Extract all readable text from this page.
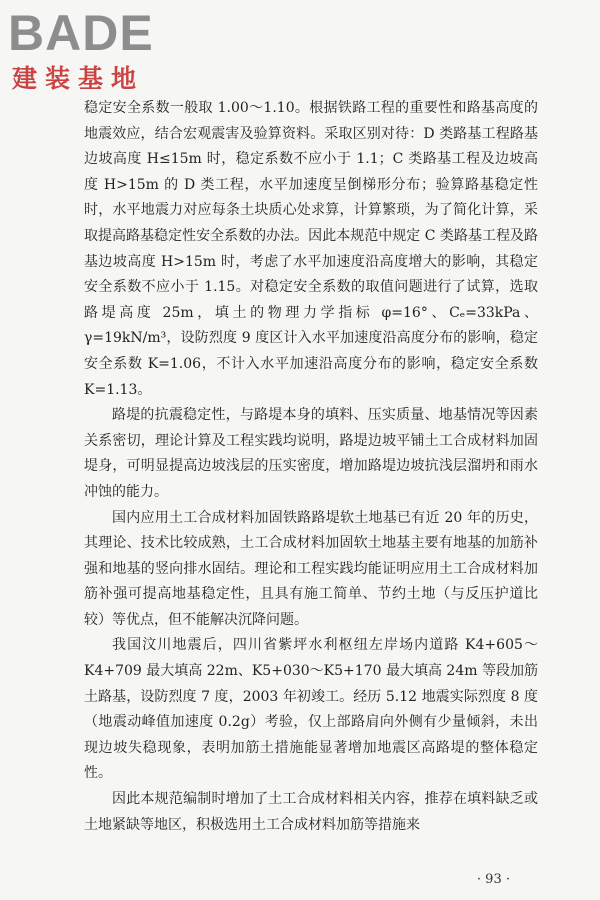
BADE
建装基地

稳定安全系数一般取 1.00～1.10。根据铁路工程的重要性和路基高度的地震效应，结合宏观震害及验算资料。采取区别对待：D 类路基工程路基边坡高度 H≤15m 时，稳定系数不应小于 1.1；C 类路基工程及边坡高度 H>15m 的 D 类工程，水平加速度呈倒梯形分布；验算路基稳定性时，水平地震力对应每条土块质心处求算，计算繁琐，为了简化计算，采取提高路基稳定性安全系数的办法。因此本规范中规定 C 类路基工程及路基边坡高度 H>15m 时，考虑了水平加速度沿高度增大的影响，其稳定安全系数不应小于 1.15。对稳定安全系数的取值问题进行了试算，选取路堤高度 25m，填土的物理力学指标 φ=16°、Cₑ=33kPa、γ=19kN/m³，设防烈度 9 度区计入水平加速度沿高度分布的影响，稳定安全系数 K=1.06，不计入水平加速沿高度分布的影响，稳定安全系数 K=1.13。

路堤的抗震稳定性，与路堤本身的填料、压实质量、地基情况等因素关系密切，理论计算及工程实践均说明，路堤边坡平铺土工合成材料加固堤身，可明显提高边坡浅层的压实密度，增加路堤边坡抗浅层溜坍和雨水冲蚀的能力。

国内应用土工合成材料加固铁路路堤软土地基已有近 20 年的历史，其理论、技术比较成熟，土工合成材料加固软土地基主要有地基的加筋补强和地基的竖向排水固结。理论和工程实践均能证明应用土工合成材料加筋补强可提高地基稳定性，且具有施工简单、节约土地（与反压护道比较）等优点，但不能解决沉降问题。

我国汶川地震后，四川省紫坪水利枢纽左岸场内道路 K4+605～K4+709 最大填高 22m、K5+030～K5+170 最大填高 24m 等段加筋土路基，设防烈度 7 度，2003 年初竣工。经历 5.12 地震实际烈度 8 度（地震动峰值加速度 0.2g）考验，仅上部路肩向外侧有少量倾斜，未出现边坡失稳现象，表明加筋土措施能显著增加地震区高路堤的整体稳定性。

因此本规范编制时增加了土工合成材料相关内容，推荐在填料缺乏或土地紧缺等地区，积极选用土工合成材料加筋等措施来

· 93 ·
